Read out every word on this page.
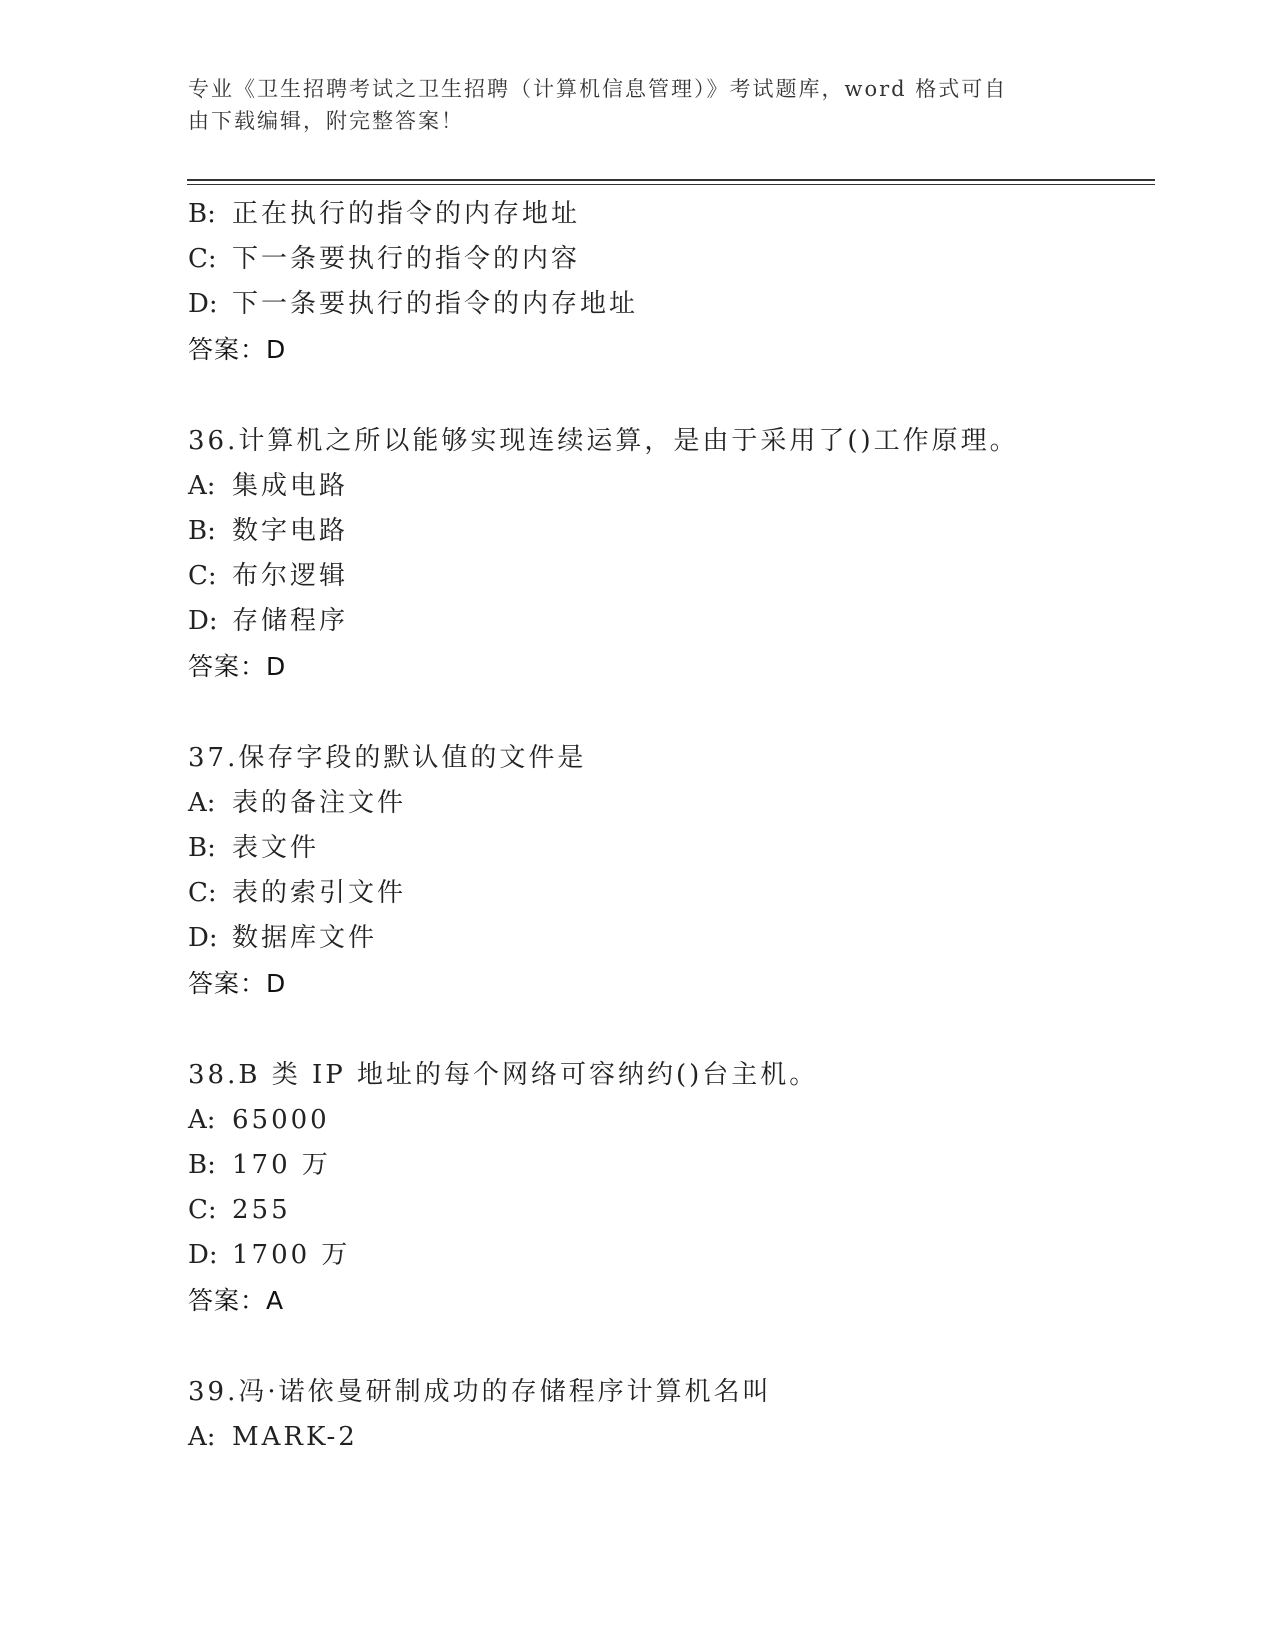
专业《卫生招聘考试之卫生招聘（计算机信息管理）》考试题库，word 格式可自
由下载编辑，附完整答案！
B: 正在执行的指令的内存地址
C: 下一条要执行的指令的内容
D: 下一条要执行的指令的内存地址
答案：D
36.计算机之所以能够实现连续运算，是由于采用了()工作原理。
A: 集成电路
B: 数字电路
C: 布尔逻辑
D: 存储程序
答案：D
37.保存字段的默认值的文件是
A: 表的备注文件
B: 表文件
C: 表的索引文件
D: 数据库文件
答案：D
38.B 类 IP 地址的每个网络可容纳约()台主机。
A: 65000
B: 170 万
C: 255
D: 1700 万
答案：A
39.冯·诺依曼研制成功的存储程序计算机名叫
A: MARK-2
